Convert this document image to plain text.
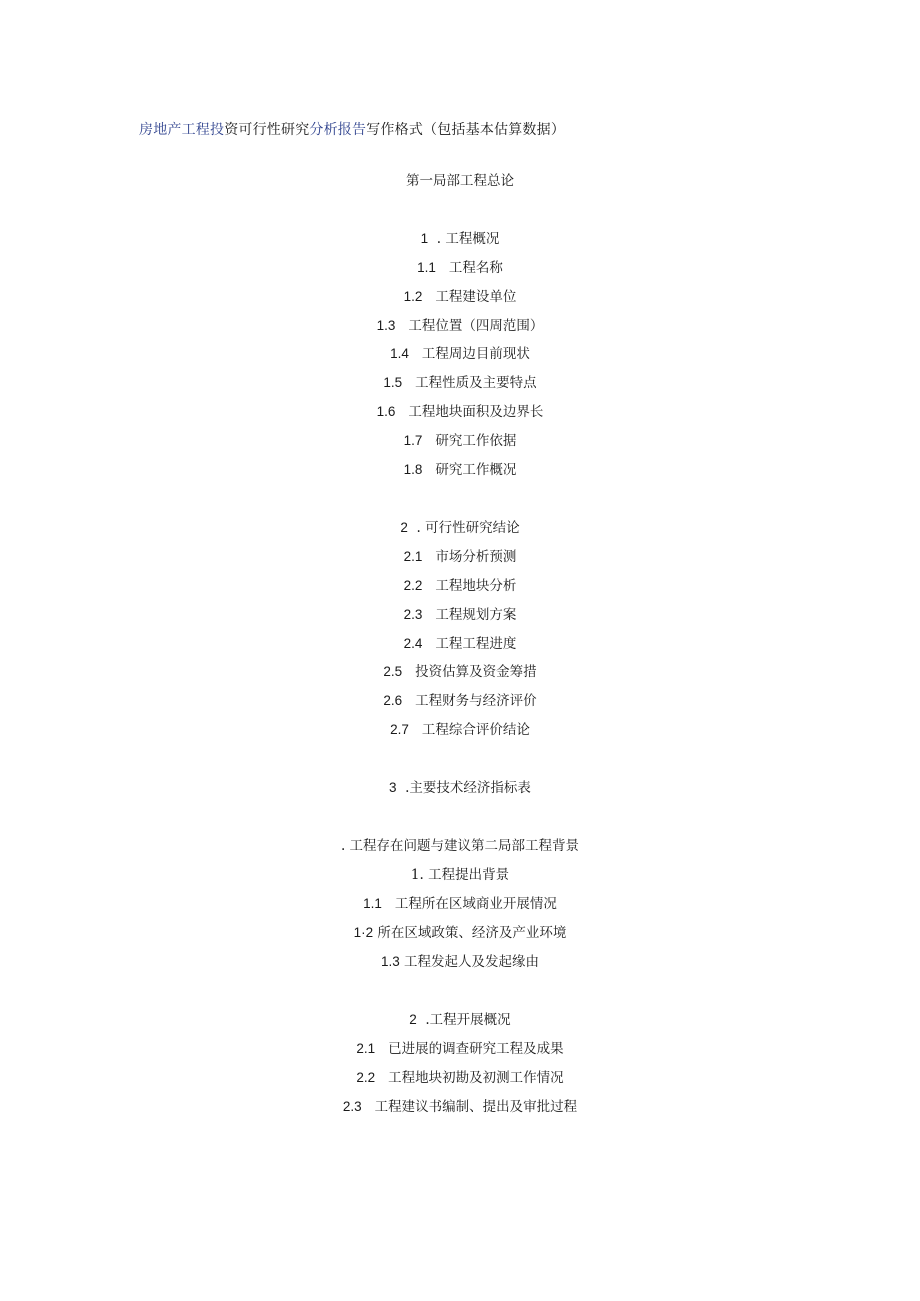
房地产工程投资可行性研究分析报告写作格式（包括基本估算数据）
第一局部工程总论
1  . 工程概况
1.1   工程名称
1.2   工程建设单位
1.3   工程位置（四周范围）
1.4   工程周边目前现状
1.5   工程性质及主要特点
1.6   工程地块面积及边界长
1.7   研究工作依据
1.8   研究工作概况
2  . 可行性研究结论
2.1   市场分析预测
2.2   工程地块分析
2.3   工程规划方案
2.4   工程工程进度
2.5   投资估算及资金筹措
2.6   工程财务与经济评价
2.7   工程综合评价结论
3  .主要技术经济指标表
. 工程存在问题与建议第二局部工程背景
1. 工程提出背景
1.1   工程所在区域商业开展情况
1·2 所在区域政策、经济及产业环境
1.3 工程发起人及发起缘由
2  .工程开展概况
2.1   已进展的调查研究工程及成果
2.2   工程地块初勘及初测工作情况
2.3   工程建议书编制、提出及审批过程
